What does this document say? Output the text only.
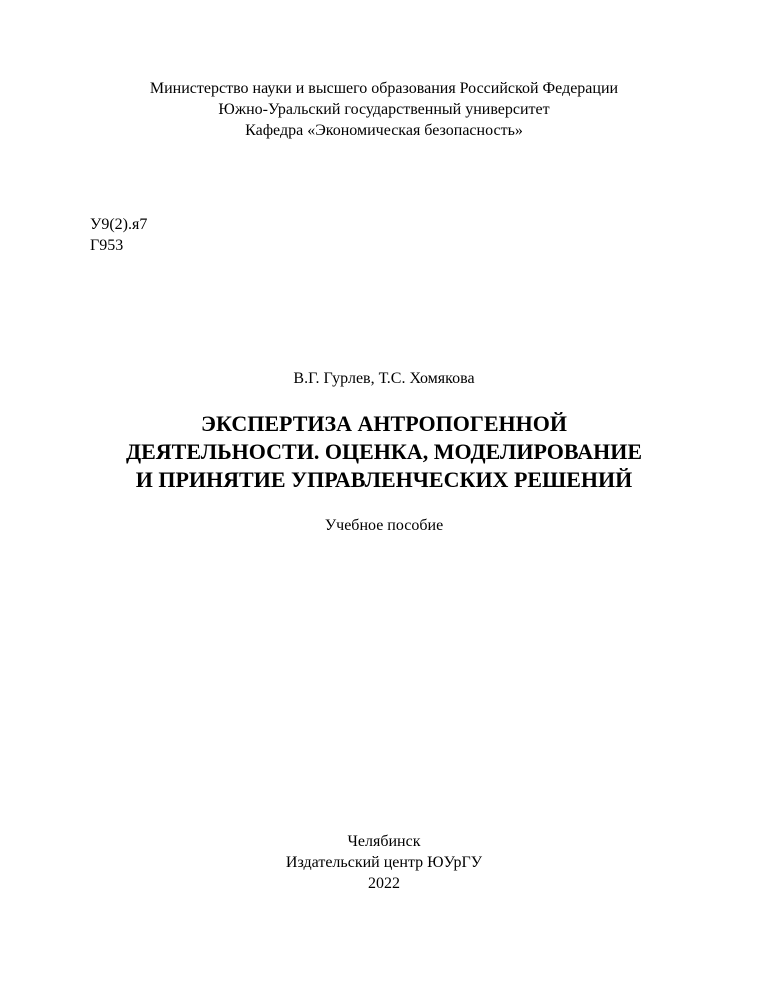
Министерство науки и высшего образования Российской Федерации
Южно-Уральский государственный университет
Кафедра «Экономическая безопасность»
У9(2).я7
Г953
В.Г. Гурлев, Т.С. Хомякова
ЭКСПЕРТИЗА АНТРОПОГЕННОЙ
ДЕЯТЕЛЬНОСТИ. ОЦЕНКА, МОДЕЛИРОВАНИЕ
И ПРИНЯТИЕ УПРАВЛЕНЧЕСКИХ РЕШЕНИЙ
Учебное пособие
Челябинск
Издательский центр ЮУрГУ
2022
